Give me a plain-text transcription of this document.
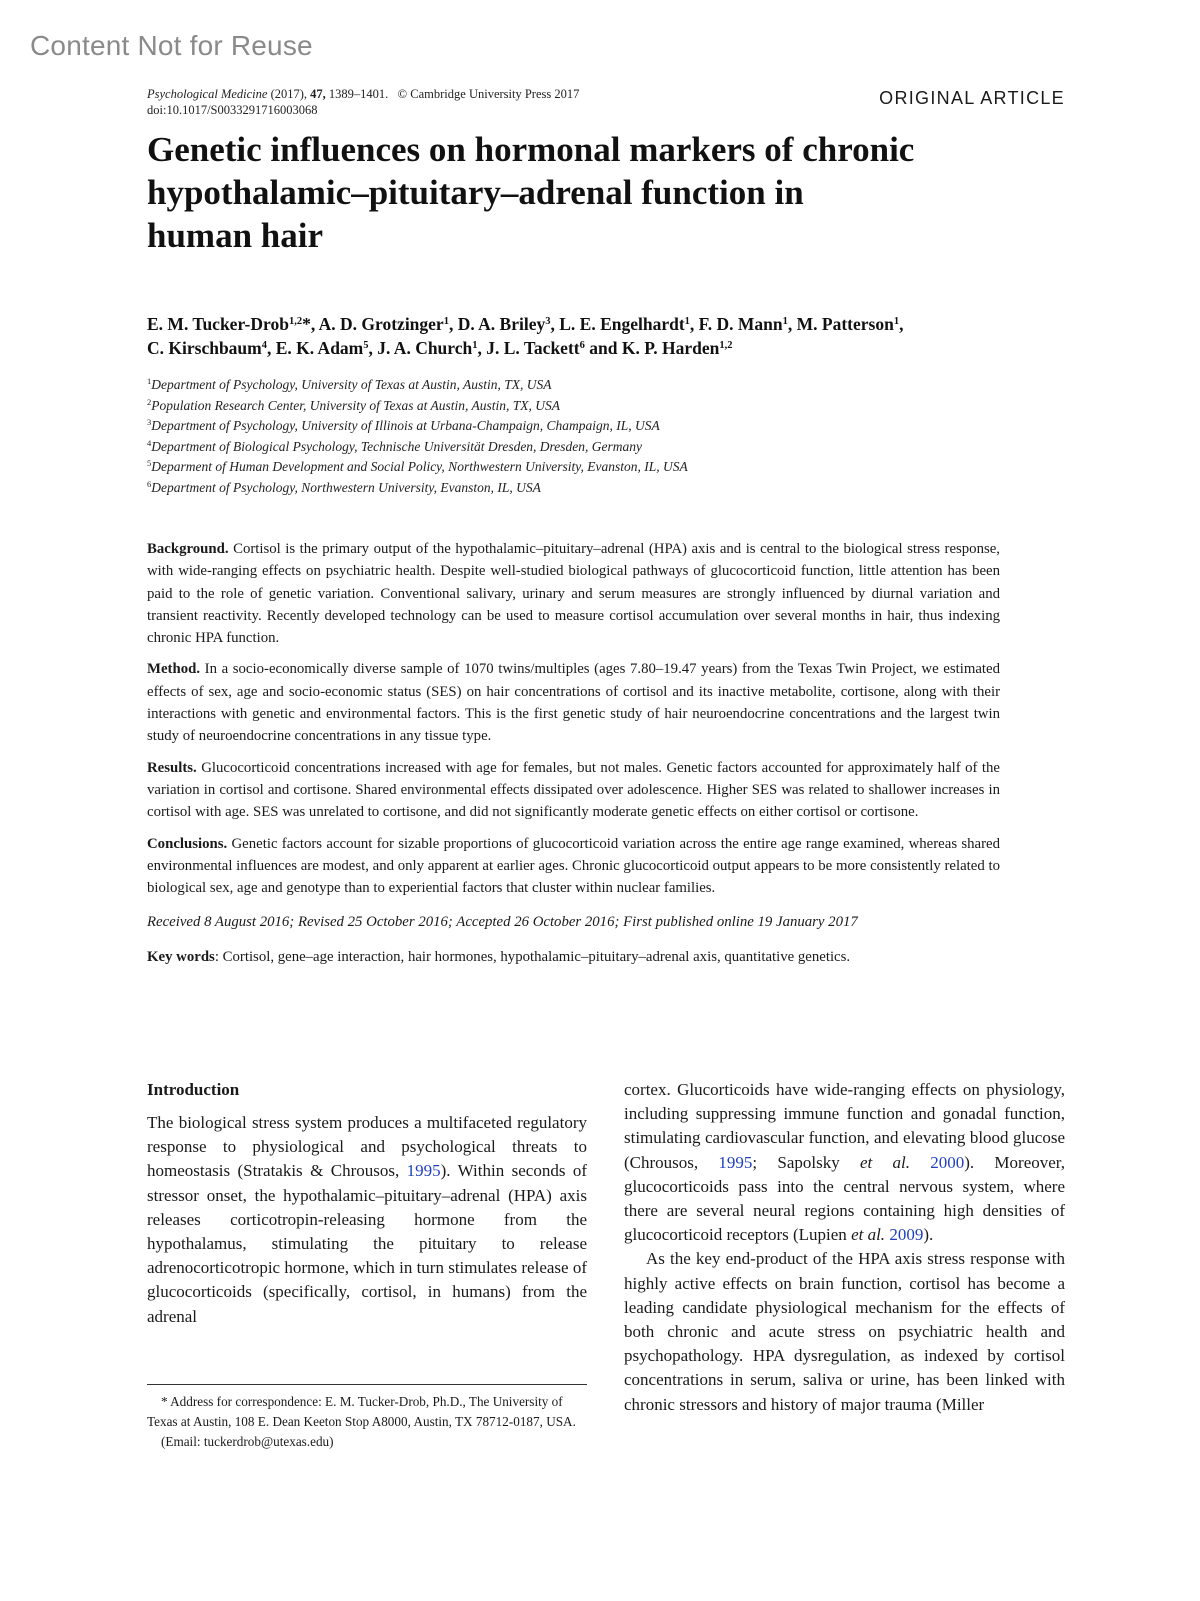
Content Not for Reuse
Psychological Medicine (2017), 47, 1389–1401. © Cambridge University Press 2017
doi:10.1017/S0033291716003068
ORIGINAL ARTICLE
Genetic influences on hormonal markers of chronic
hypothalamic–pituitary–adrenal function in
human hair

E. M. Tucker-Drob$^{1,2}$*, A. D. Grotzinger$^1$, D. A. Briley$^3$, L. E. Engelhardt$^1$, F. D. Mann$^1$, M. Patterson$^1$,
C. Kirschbaum$^4$, E. K. Adam$^5$, J. A. Church$^1$, J. L. Tackett$^6$ and K. P. Harden$^{1,2}$

$^1$Department of Psychology, University of Texas at Austin, Austin, TX, USA
$^2$Population Research Center, University of Texas at Austin, Austin, TX, USA
$^3$Department of Psychology, University of Illinois at Urbana-Champaign, Champaign, IL, USA
$^4$Department of Biological Psychology, Technische Universität Dresden, Dresden, Germany
$^5$Deparment of Human Development and Social Policy, Northwestern University, Evanston, IL, USA
$^6$Department of Psychology, Northwestern University, Evanston, IL, USA

Background. Cortisol is the primary output of the hypothalamic–pituitary–adrenal (HPA) axis and is central to the biological stress response, with wide-ranging effects on psychiatric health. Despite well-studied biological pathways of glucocorticoid function, little attention has been paid to the role of genetic variation. Conventional salivary, urinary and serum measures are strongly influenced by diurnal variation and transient reactivity. Recently developed technology can be used to measure cortisol accumulation over several months in hair, thus indexing chronic HPA function.

Method. In a socio-economically diverse sample of 1070 twins/multiples (ages 7.80–19.47 years) from the Texas Twin Project, we estimated effects of sex, age and socio-economic status (SES) on hair concentrations of cortisol and its inactive metabolite, cortisone, along with their interactions with genetic and environmental factors. This is the first genetic study of hair neuroendocrine concentrations and the largest twin study of neuroendocrine concentrations in any tissue type.

Results. Glucocorticoid concentrations increased with age for females, but not males. Genetic factors accounted for approximately half of the variation in cortisol and cortisone. Shared environmental effects dissipated over adolescence. Higher SES was related to shallower increases in cortisol with age. SES was unrelated to cortisone, and did not significantly moderate genetic effects on either cortisol or cortisone.

Conclusions. Genetic factors account for sizable proportions of glucocorticoid variation across the entire age range examined, whereas shared environmental influences are modest, and only apparent at earlier ages. Chronic glucocorticoid output appears to be more consistently related to biological sex, age and genotype than to experiential factors that cluster within nuclear families.

Received 8 August 2016; Revised 25 October 2016; Accepted 26 October 2016; First published online 19 January 2017

Key words: Cortisol, gene–age interaction, hair hormones, hypothalamic–pituitary–adrenal axis, quantitative genetics.

Introduction

The biological stress system produces a multifaceted regulatory response to physiological and psychological threats to homeostasis (Stratakis & Chrousos, 1995). Within seconds of stressor onset, the hypothalamic–pituitary–adrenal (HPA) axis releases corticotropin-releasing hormone from the hypothalamus, stimulating the pituitary to release adrenocorticotropic hormone, which in turn stimulates release of glucocorticoids (specifically, cortisol, in humans) from the adrenal

cortex. Glucorticoids have wide-ranging effects on physiology, including suppressing immune function and gonadal function, stimulating cardiovascular function, and elevating blood glucose (Chrousos, 1995; Sapolsky et al. 2000). Moreover, glucocorticoids pass into the central nervous system, where there are several neural regions containing high densities of glucocorticoid receptors (Lupien et al. 2009).

As the key end-product of the HPA axis stress response with highly active effects on brain function, cortisol has become a leading candidate physiological mechanism for the effects of both chronic and acute stress on psychiatric health and psychopathology. HPA dysregulation, as indexed by cortisol concentrations in serum, saliva or urine, has been linked with chronic stressors and history of major trauma (Miller

* Address for correspondence: E. M. Tucker-Drob, Ph.D., The University of Texas at Austin, 108 E. Dean Keeton Stop A8000, Austin, TX 78712-0187, USA.

(Email: tuckerdrob@utexas.edu)
